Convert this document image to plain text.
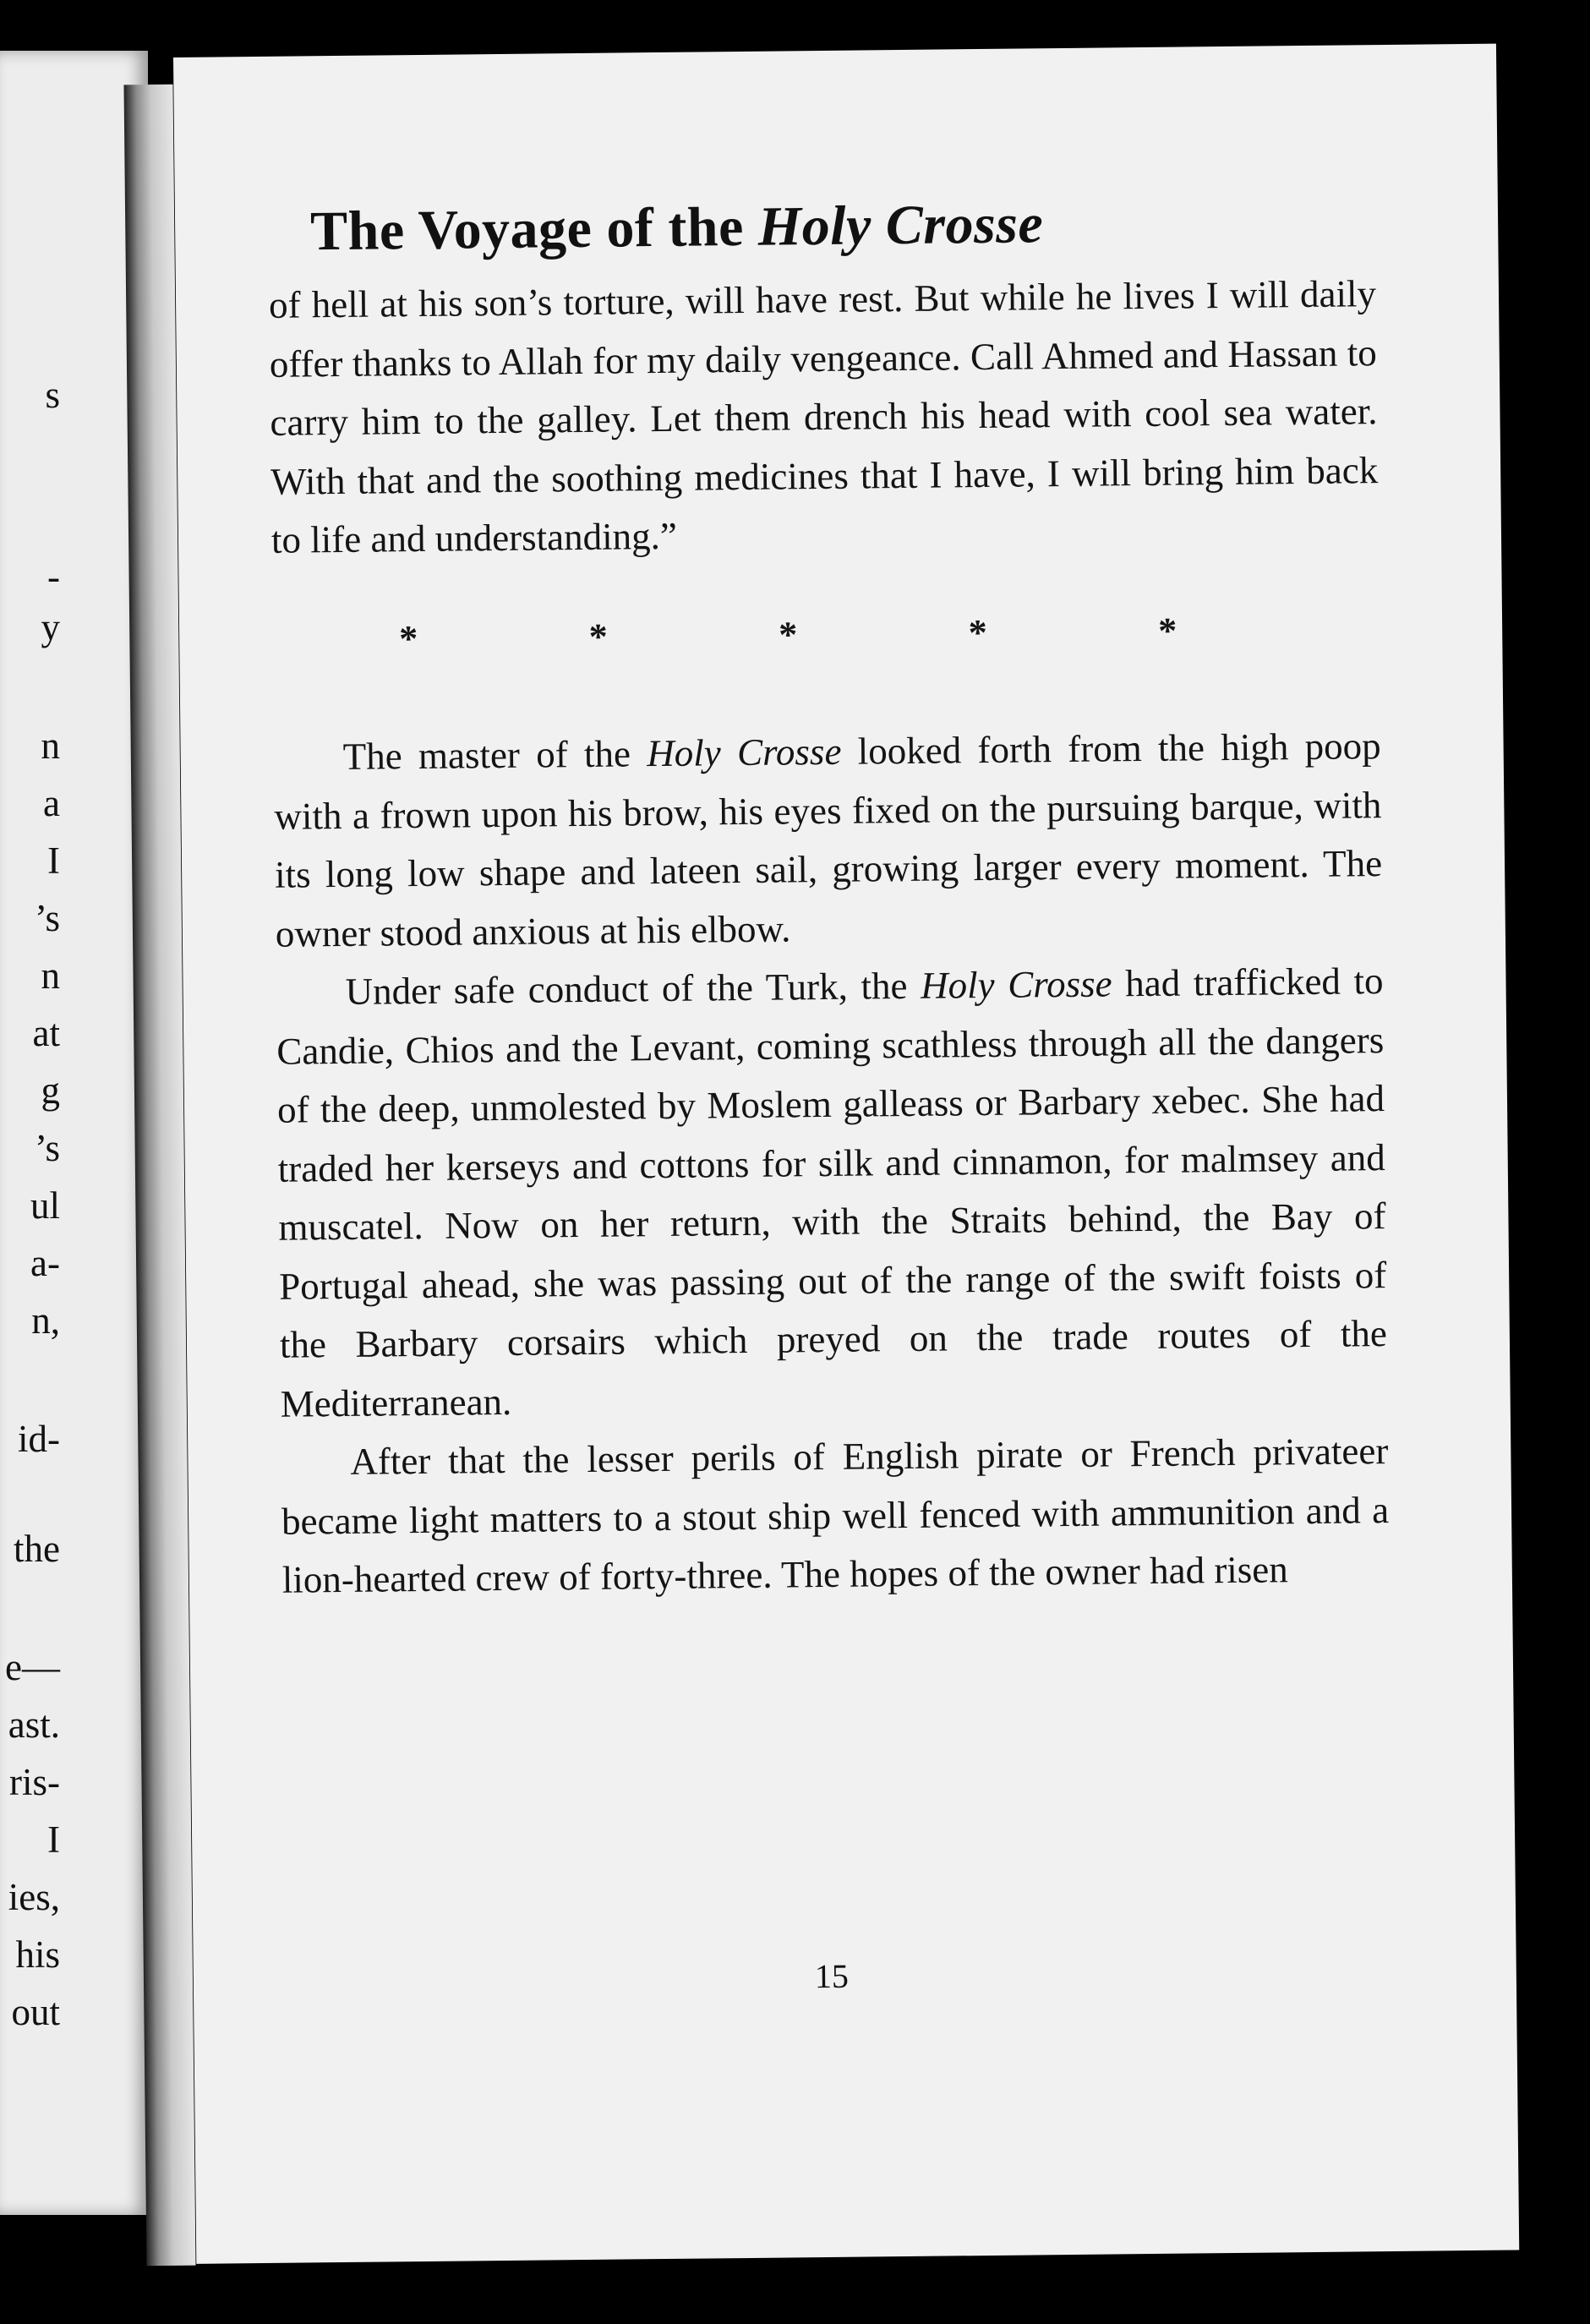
s
-
y
n
a
I
’s
n
at
g
’s
ul
a-
n,
id-
the
e—
ast.
ris-
I
ies,
his
out
The Voyage of the Holy Crosse

of hell at his son’s torture, will have rest. But while he lives I will daily offer thanks to Allah for my daily vengeance. Call Ahmed and Hassan to carry him to the galley. Let them drench his head with cool sea water. With that and the soothing medicines that I have, I will bring him back to life and understanding.”

*	*	*	*	*

The master of the Holy Crosse looked forth from the high poop with a frown upon his brow, his eyes fixed on the pursuing barque, with its long low shape and lateen sail, growing larger every moment. The owner stood anxious at his elbow.

Under safe conduct of the Turk, the Holy Crosse had trafficked to Candie, Chios and the Levant, coming scathless through all the dangers of the deep, unmolested by Moslem galleass or Barbary xebec. She had traded her kerseys and cottons for silk and cinnamon, for malmsey and muscatel. Now on her return, with the Straits behind, the Bay of Portugal ahead, she was passing out of the range of the swift foists of the Barbary corsairs which preyed on the trade routes of the Mediterranean.

After that the lesser perils of English pirate or French privateer became light matters to a stout ship well fenced with ammunition and a lion-hearted crew of forty-three. The hopes of the owner had risen

15
